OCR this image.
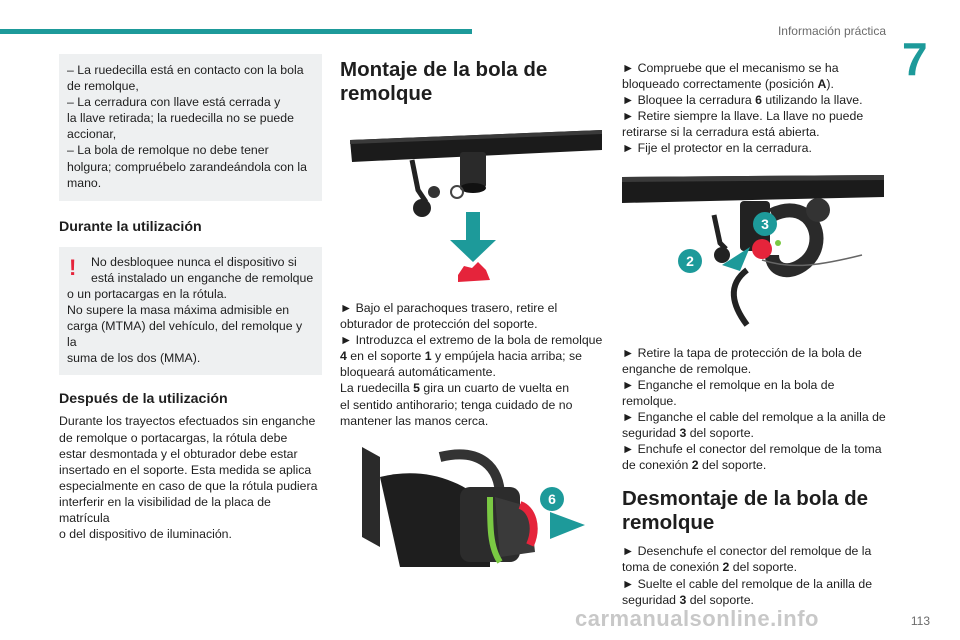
Información práctica
7

– La ruedecilla está en contacto con la bola

de remolque,

– La cerradura con llave está cerrada y

la llave retirada; la ruedecilla no se puede

accionar,

– La bola de remolque no debe tener

holgura; compruébelo zarandeándola con la

mano.

Durante la utilización
!	No desbloquee nunca el dispositivo si

está instalado un enganche de remolque

o un portacargas en la rótula.

No supere la masa máxima admisible en

carga (MTMA) del vehículo, del remolque y la

suma de los dos (MMA).

Después de la utilización

Durante los trayectos efectuados sin enganche

de remolque o portacargas, la rótula debe

estar desmontada y el obturador debe estar

insertado en el soporte. Esta medida se aplica

especialmente en caso de que la rótula pudiera

interferir en la visibilidad de la placa de matrícula

o del dispositivo de iluminación.

Montaje de la bola de
remolque

► Bajo el parachoques trasero, retire el

obturador de protección del soporte.

► Introduzca el extremo de la bola de remolque

4 en el soporte 1 y empújela hacia arriba; se

bloqueará automáticamente.

La ruedecilla 5 gira un cuarto de vuelta en

el sentido antihorario; tenga cuidado de no

mantener las manos cerca.

6

► Compruebe que el mecanismo se ha

bloqueado correctamente (posición A).

► Bloquee la cerradura 6 utilizando la llave.

► Retire siempre la llave. La llave no puede

retirarse si la cerradura está abierta.

► Fije el protector en la cerradura.

2
3

► Retire la tapa de protección de la bola de

enganche de remolque.

► Enganche el remolque en la bola de

remolque.

► Enganche el cable del remolque a la anilla de

seguridad 3 del soporte.

► Enchufe el conector del remolque de la toma

de conexión 2 del soporte.

Desmontaje de la bola de
remolque

► Desenchufe el conector del remolque de la

toma de conexión 2 del soporte.

► Suelte el cable del remolque de la anilla de

seguridad 3 del soporte.

carmanualsonline.info	113
